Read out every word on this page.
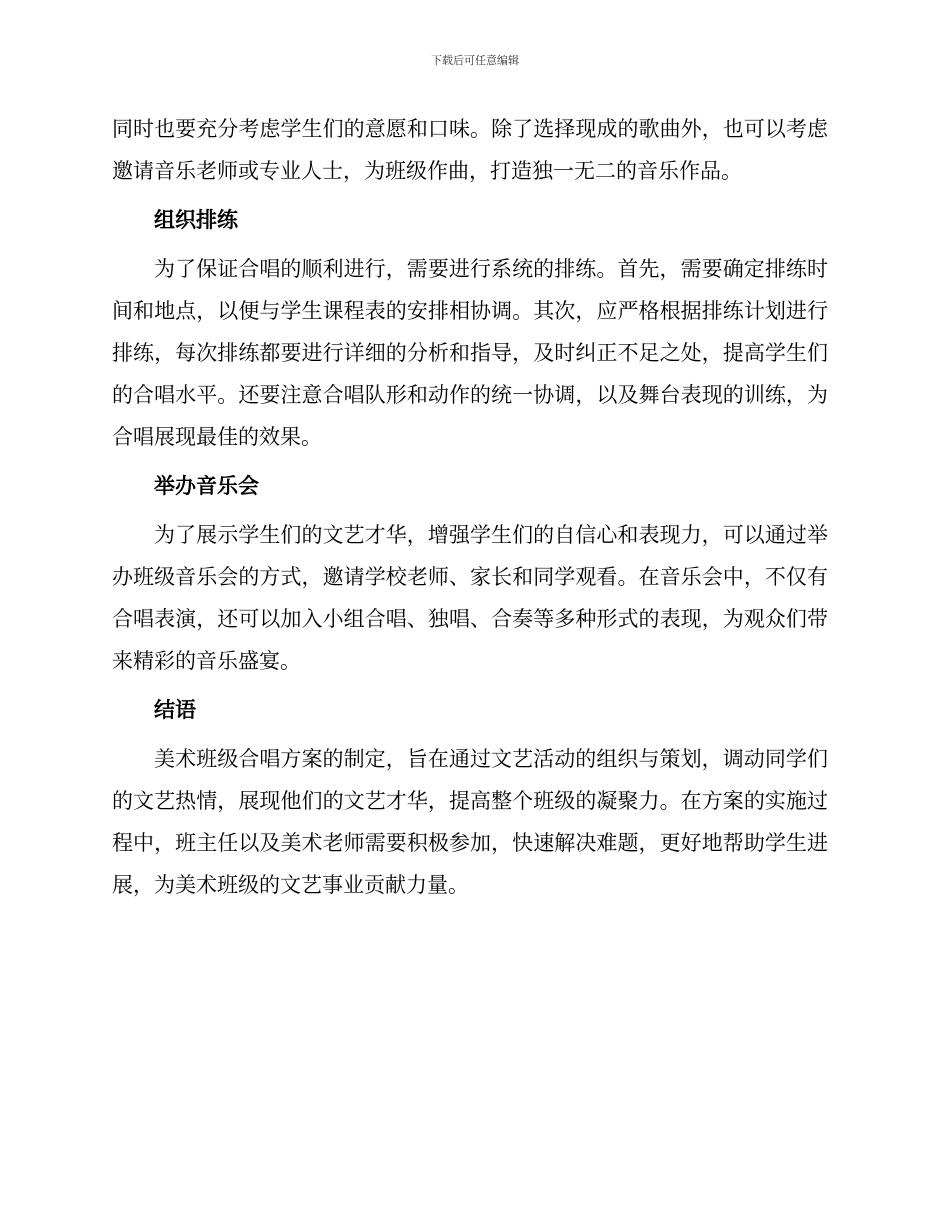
下载后可任意编辑

同时也要充分考虑学生们的意愿和口味。除了选择现成的歌曲外，也可以考虑邀请音乐老师或专业人士，为班级作曲，打造独一无二的音乐作品。

组织排练

为了保证合唱的顺利进行，需要进行系统的排练。首先，需要确定排练时间和地点，以便与学生课程表的安排相协调。其次，应严格根据排练计划进行排练，每次排练都要进行详细的分析和指导，及时纠正不足之处，提高学生们的合唱水平。还要注意合唱队形和动作的统一协调，以及舞台表现的训练，为合唱展现最佳的效果。

举办音乐会

为了展示学生们的文艺才华，增强学生们的自信心和表现力，可以通过举办班级音乐会的方式，邀请学校老师、家长和同学观看。在音乐会中，不仅有合唱表演，还可以加入小组合唱、独唱、合奏等多种形式的表现，为观众们带来精彩的音乐盛宴。

结语

美术班级合唱方案的制定，旨在通过文艺活动的组织与策划，调动同学们的文艺热情，展现他们的文艺才华，提高整个班级的凝聚力。在方案的实施过程中，班主任以及美术老师需要积极参加，快速解决难题，更好地帮助学生进展，为美术班级的文艺事业贡献力量。
